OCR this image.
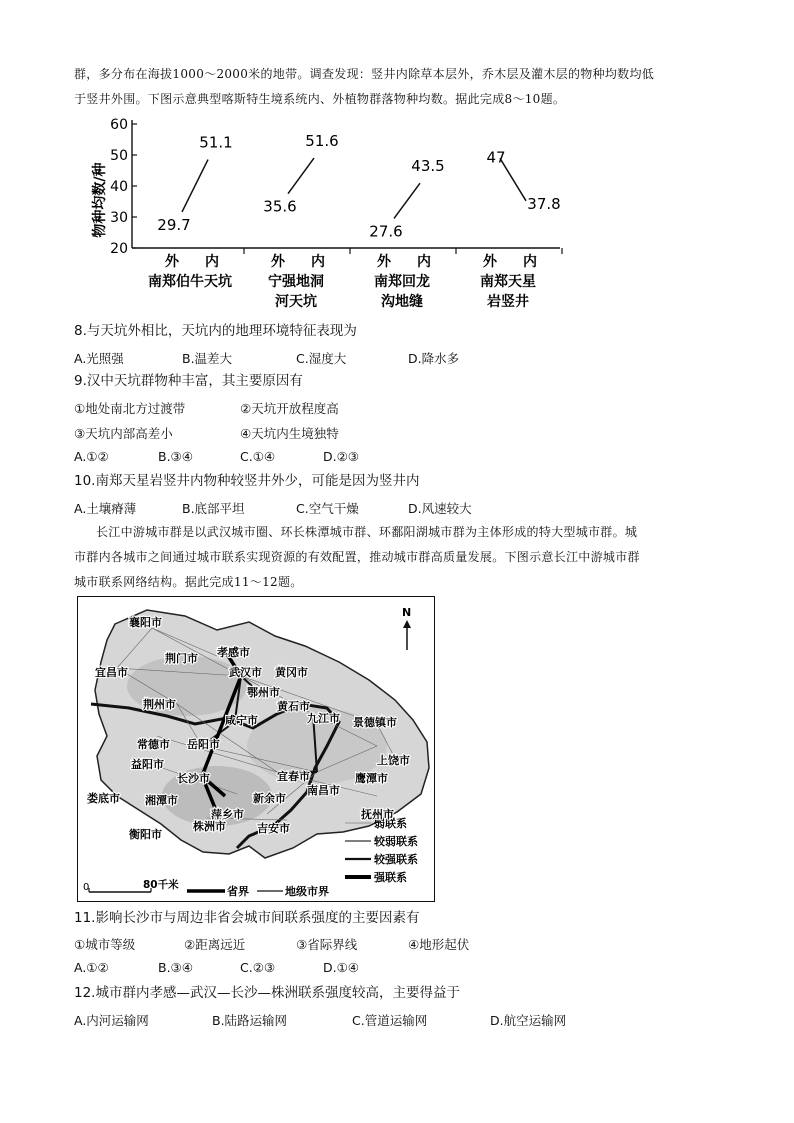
群，多分布在海拔1000～2000米的地带。调查发现：竖井内除草本层外，乔木层及灌木层的物种均数均低
于竖井外围。下图示意典型喀斯特生境系统内、外植物群落物种均数。据此完成8～10题。
物种均数/种
20
30
40
50
60
29.7
51.1
外 内
南郑伯牛天坑
35.6
51.6
外 内
宁强地洞
河天坑
27.6
43.5
外 内
南郑回龙
沟地缝
47
37.8
外 内
南郑天星
岩竖井
8.与天坑外相比，天坑内的地理环境特征表现为
A.光照强	B.温差大	C.湿度大	D.降水多
9.汉中天坑群物种丰富，其主要原因有
①地处南北方过渡带	②天坑开放程度高
③天坑内部高差小	④天坑内生境独特
A.①②	B.③④	C.①④	D.②③
10.南郑天星岩竖井内物种较竖井外少，可能是因为竖井内
A.土壤瘠薄	B.底部平坦	C.空气干燥	D.风速较大
长江中游城市群是以武汉城市圈、环长株潭城市群、环鄱阳湖城市群为主体形成的特大型城市群。城
市群内各城市之间通过城市联系实现资源的有效配置，推动城市群高质量发展。下图示意长江中游城市群
城市联系网络结构。据此完成11～12题。
N
0	80千米	省界	地级市界
弱联系
较弱联系
较强联系
强联系
襄阳市
孝感市
荆门市
宜昌市	武汉市 黄冈市
鄂州市
荆州市	黄石市
咸宁市	九江市 景德镇市
常德市 岳阳市
上饶市
益阳市
长沙市	宜春市
南昌市
鹰潭市
娄底市 湘潭市
萍乡市
新余市
抚州市
衡阳市
株洲市	吉安市
11.影响长沙市与周边非省会城市间联系强度的主要因素有
①城市等级	②距离远近	③省际界线	④地形起伏
A.①②	B.③④	C.②③	D.①④
12.城市群内孝感—武汉—长沙—株洲联系强度较高，主要得益于
A.内河运输网	B.陆路运输网	C.管道运输网	D.航空运输网
